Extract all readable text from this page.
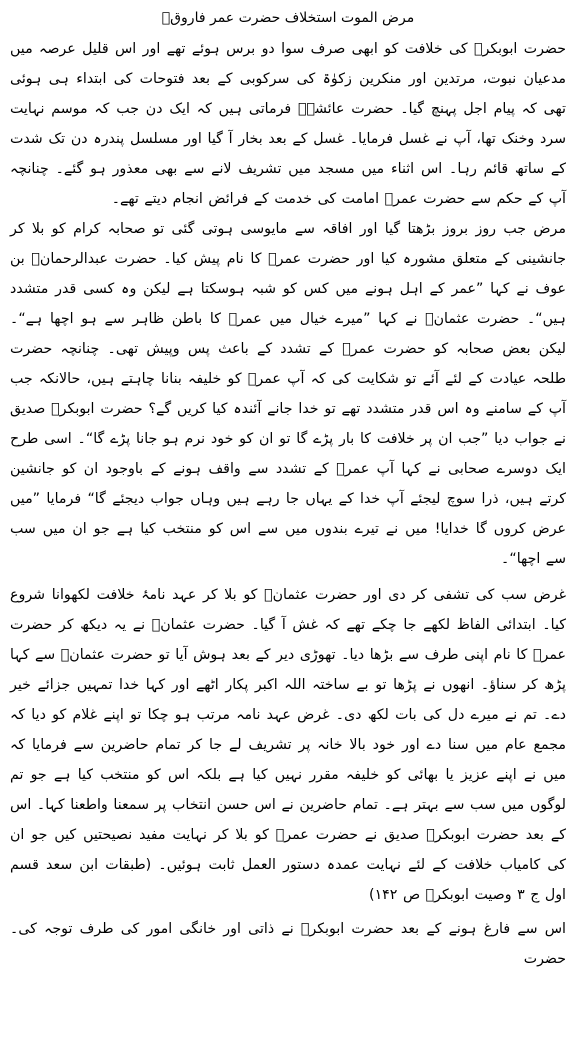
مرض الموت استخلاف حضرت عمر فاروقؓ

حضرت ابوبکرؓ کی خلافت کو ابھی صرف سوا دو برس ہوئے تھے اور اس قلیل عرصہ میں مدعیان نبوت، مرتدین اور منکرین زکوٰۃ کی سرکوبی کے بعد فتوحات کی ابتداء ہی ہوئی تھی کہ پیام اجل پہنچ گیا۔ حضرت عائشہؓ فرماتی ہیں کہ ایک دن جب کہ موسم نہایت سرد وخنک تھا، آپ نے غسل فرمایا۔ غسل کے بعد بخار آ گیا اور مسلسل پندرہ دن تک شدت کے ساتھ قائم رہا۔ اس اثناء میں مسجد میں تشریف لانے سے بھی معذور ہو گئے۔ چنانچہ آپ کے حکم سے حضرت عمرؓ امامت کی خدمت کے فرائض انجام دیتے تھے۔

مرض جب روز بروز بڑھتا گیا اور افاقہ سے مایوسی ہوتی گئی تو صحابہ کرام کو بلا کر جانشینی کے متعلق مشورہ کیا اور حضرت عمرؓ کا نام پیش کیا۔ حضرت عبدالرحمانؓ بن عوف نے کہا ”عمر کے اہل ہونے میں کس کو شبہ ہوسکتا ہے لیکن وہ کسی قدر متشدد ہیں“۔ حضرت عثمانؓ نے کہا ”میرے خیال میں عمرؓ کا باطن ظاہر سے ہو اچھا ہے“۔ لیکن بعض صحابہ کو حضرت عمرؓ کے تشدد کے باعث پس وپیش تھی۔ چنانچہ حضرت طلحہ عیادت کے لئے آئے تو شکایت کی کہ آپ عمرؓ کو خلیفہ بنانا چاہتے ہیں، حالانکہ جب آپ کے سامنے وہ اس قدر متشدد تھے تو خدا جانے آئندہ کیا کریں گے؟ حضرت ابوبکرؓ صدیق نے جواب دیا ”جب ان پر خلافت کا بار پڑے گا تو ان کو خود نرم ہو جانا پڑے گا“۔ اسی طرح ایک دوسرے صحابی نے کہا آپ عمرؓ کے تشدد سے واقف ہونے کے باوجود ان کو جانشین کرتے ہیں، ذرا سوچ لیجئے آپ خدا کے یہاں جا رہے ہیں وہاں جواب دیجئے گا“ فرمایا ”میں عرض کروں گا خدایا! میں نے تیرے بندوں میں سے اس کو منتخب کیا ہے جو ان میں سب سے اچھا“۔

غرض سب کی تشفی کر دی اور حضرت عثمانؓ کو بلا کر عہد نامۂ خلافت لکھوانا شروع کیا۔ ابتدائی الفاظ لکھے جا چکے تھے کہ غش آ گیا۔ حضرت عثمانؓ نے یہ دیکھ کر حضرت عمرؓ کا نام اپنی طرف سے بڑھا دیا۔ تھوڑی دیر کے بعد ہوش آیا تو حضرت عثمانؓ سے کہا پڑھ کر سناؤ۔ انھوں نے پڑھا تو بے ساختہ اللہ اکبر پکار اٹھے اور کہا خدا تمہیں جزائے خیر دے۔ تم نے میرے دل کی بات لکھ دی۔ غرض عہد نامہ مرتب ہو چکا تو اپنے غلام کو دیا کہ مجمع عام میں سنا دے اور خود بالا خانہ پر تشریف لے جا کر تمام حاضرین سے فرمایا کہ میں نے اپنے عزیز یا بھائی کو خلیفہ مقرر نہیں کیا ہے بلکہ اس کو منتخب کیا ہے جو تم لوگوں میں سب سے بہتر ہے۔ تمام حاضرین نے اس حسن انتخاب پر سمعنا واطعنا کہا۔ اس کے بعد حضرت ابوبکرؓ صدیق نے حضرت عمرؓ کو بلا کر نہایت مفید نصیحتیں کیں جو ان کی کامیاب خلافت کے لئے نہایت عمدہ دستور العمل ثابت ہوئیں۔ (طبقات ابن سعد قسم اول ج ۳ وصیت ابوبکرؓ ص ۱۴۲)

اس سے فارغ ہونے کے بعد حضرت ابوبکرؓ نے ذاتی اور خانگی امور کی طرف توجہ کی۔ حضرت
